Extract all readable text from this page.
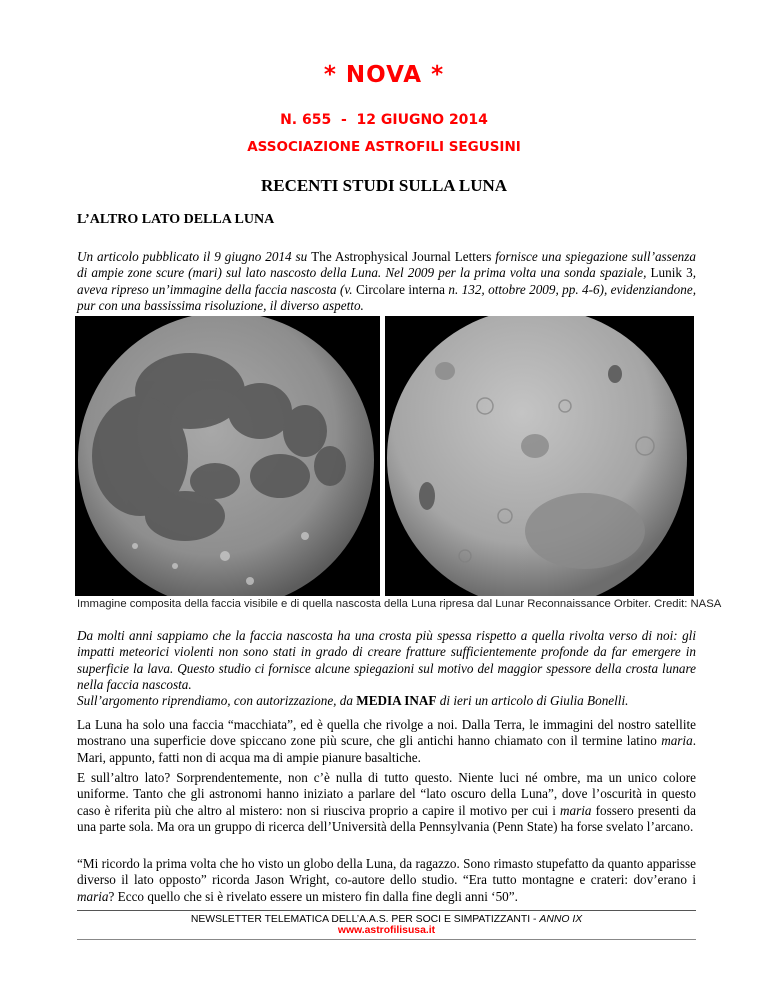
* NOVA *
N. 655  -  12 GIUGNO 2014
ASSOCIAZIONE ASTROFILI SEGUSINI
RECENTI STUDI SULLA LUNA
L’ALTRO LATO DELLA LUNA

Un articolo pubblicato il 9 giugno 2014 su The Astrophysical Journal Letters fornisce una spiegazione sull’assenza di ampie zone scure (mari) sul lato nascosto della Luna. Nel 2009 per la prima volta una sonda spaziale, Lunik 3, aveva ripreso un’immagine della faccia nascosta (v. Circolare interna n. 132, ottobre 2009, pp. 4-6), evidenziandone, pur con una bassissima risoluzione, il diverso aspetto.

Immagine composita della faccia visibile e di quella nascosta della Luna ripresa dal Lunar Reconnaissance Orbiter. Credit: NASA

Da molti anni sappiamo che la faccia nascosta ha una crosta più spessa rispetto a quella rivolta verso di noi: gli impatti meteorici violenti non sono stati in grado di creare fratture sufficientemente profonde da far emergere in superficie la lava. Questo studio ci fornisce alcune spiegazioni sul motivo del maggior spessore della crosta lunare nella faccia nascosta.
Sull’argomento riprendiamo, con autorizzazione, da MEDIA INAF di ieri un articolo di Giulia Bonelli.

La Luna ha solo una faccia “macchiata”, ed è quella che rivolge a noi. Dalla Terra, le immagini del nostro satellite mostrano una superficie dove spiccano zone più scure, che gli antichi hanno chiamato con il termine latino maria. Mari, appunto, fatti non di acqua ma di ampie pianure basaltiche.

E sull’altro lato? Sorprendentemente, non c’è nulla di tutto questo. Niente luci né ombre, ma un unico colore uniforme. Tanto che gli astronomi hanno iniziato a parlare del “lato oscuro della Luna”, dove l’oscurità in questo caso è riferita più che altro al mistero: non si riusciva proprio a capire il motivo per cui i maria fossero presenti da una parte sola. Ma ora un gruppo di ricerca dell’Università della Pennsylvania (Penn State) ha forse svelato l’arcano.

“Mi ricordo la prima volta che ho visto un globo della Luna, da ragazzo. Sono rimasto stupefatto da quanto apparisse diverso il lato opposto” ricorda Jason Wright, co-autore dello studio. “Era tutto montagne e crateri: dov’erano i maria? Ecco quello che si è rivelato essere un mistero fin dalla fine degli anni ‘50”.

NEWSLETTER TELEMATICA DELL’A.A.S. PER SOCI E SIMPATIZZANTI - ANNO IX
www.astrofilisusa.it
